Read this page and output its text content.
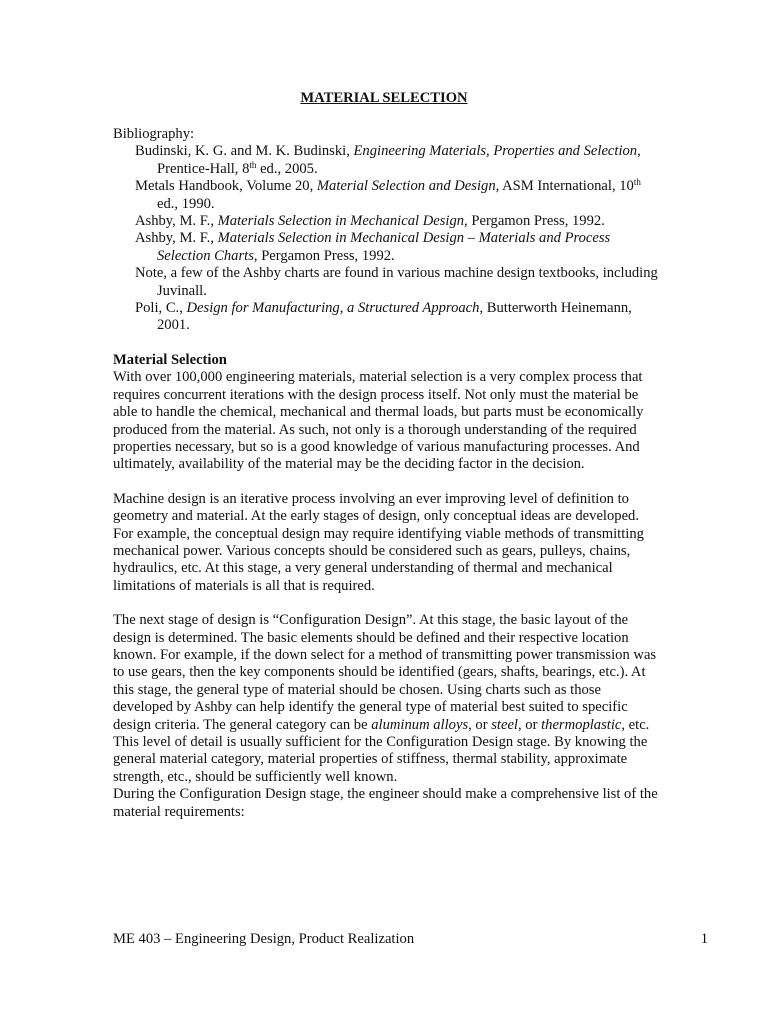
MATERIAL SELECTION

Bibliography:

Budinski, K. G. and M. K. Budinski, Engineering Materials, Properties and Selection, Prentice-Hall, 8th ed., 2005.

Metals Handbook, Volume 20, Material Selection and Design, ASM International, 10th ed., 1990.

Ashby, M. F., Materials Selection in Mechanical Design, Pergamon Press, 1992.

Ashby, M. F., Materials Selection in Mechanical Design – Materials and Process Selection Charts, Pergamon Press, 1992.

Note, a few of the Ashby charts are found in various machine design textbooks, including Juvinall.

Poli, C., Design for Manufacturing, a Structured Approach, Butterworth Heinemann, 2001.

Material Selection

With over 100,000 engineering materials, material selection is a very complex process that requires concurrent iterations with the design process itself. Not only must the material be able to handle the chemical, mechanical and thermal loads, but parts must be economically produced from the material. As such, not only is a thorough understanding of the required properties necessary, but so is a good knowledge of various manufacturing processes. And ultimately, availability of the material may be the deciding factor in the decision.

Machine design is an iterative process involving an ever improving level of definition to geometry and material. At the early stages of design, only conceptual ideas are developed. For example, the conceptual design may require identifying viable methods of transmitting mechanical power. Various concepts should be considered such as gears, pulleys, chains, hydraulics, etc. At this stage, a very general understanding of thermal and mechanical limitations of materials is all that is required.

The next stage of design is “Configuration Design”. At this stage, the basic layout of the design is determined. The basic elements should be defined and their respective location known. For example, if the down select for a method of transmitting power transmission was to use gears, then the key components should be identified (gears, shafts, bearings, etc.). At this stage, the general type of material should be chosen. Using charts such as those developed by Ashby can help identify the general type of material best suited to specific design criteria. The general category can be aluminum alloys, or steel, or thermoplastic, etc. This level of detail is usually sufficient for the Configuration Design stage. By knowing the general material category, material properties of stiffness, thermal stability, approximate strength, etc., should be sufficiently well known.

During the Configuration Design stage, the engineer should make a comprehensive list of the material requirements:

ME 403 – Engineering Design, Product Realization	1
